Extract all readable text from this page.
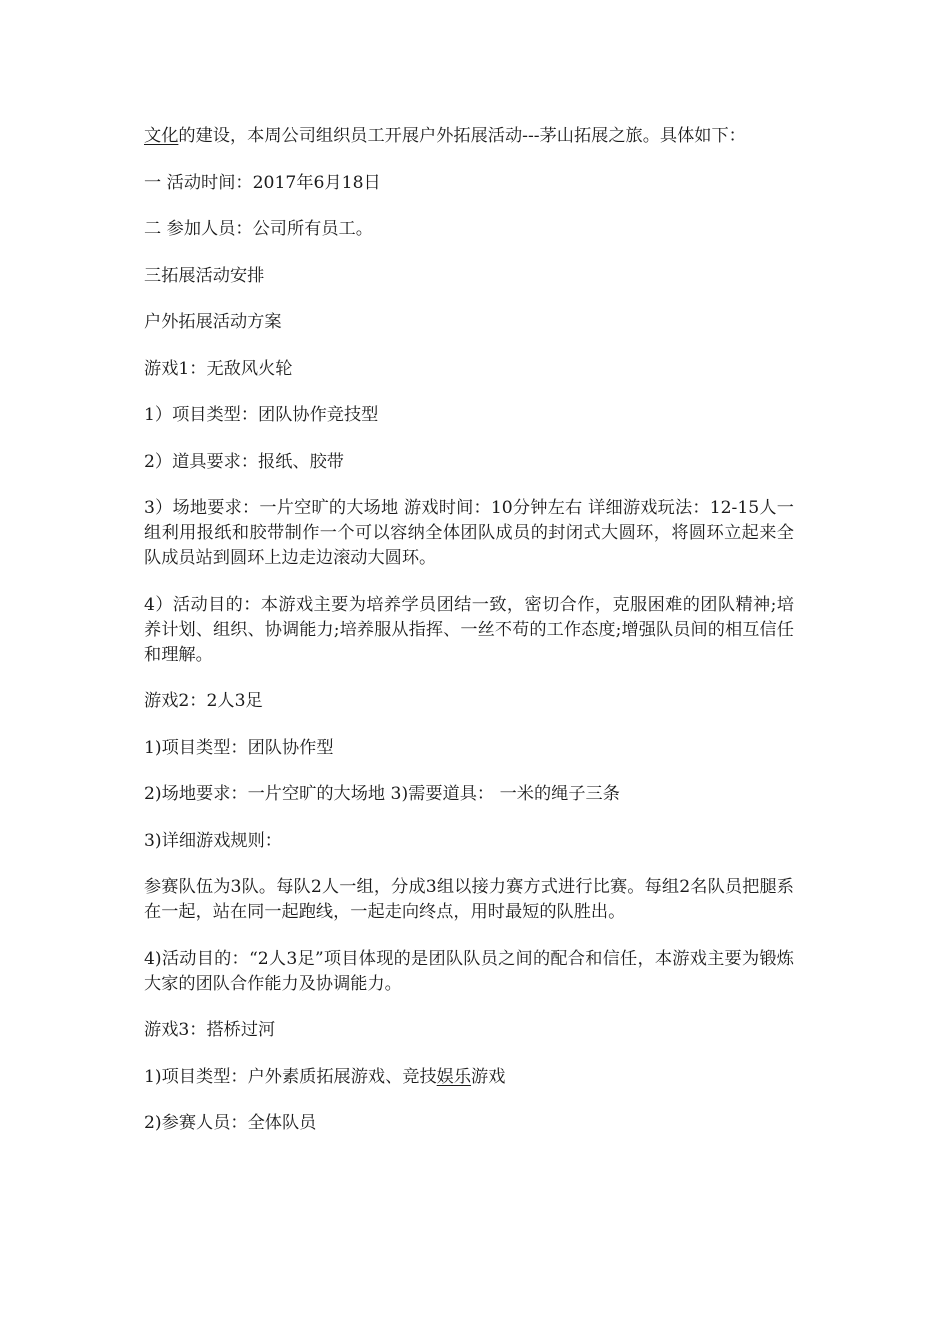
文化的建设，本周公司组织员工开展户外拓展活动---茅山拓展之旅。具体如下：

一 活动时间：2017年6月18日

二 参加人员：公司所有员工。

三拓展活动安排

户外拓展活动方案

游戏1：无敌风火轮

1）项目类型：团队协作竞技型

2）道具要求：报纸、胶带

3）场地要求：一片空旷的大场地 游戏时间：10分钟左右 详细游戏玩法：12-15人一组利用报纸和胶带制作一个可以容纳全体团队成员的封闭式大圆环，将圆环立起来全队成员站到圆环上边走边滚动大圆环。

4）活动目的：本游戏主要为培养学员团结一致，密切合作，克服困难的团队精神;培养计划、组织、协调能力;培养服从指挥、一丝不苟的工作态度;增强队员间的相互信任和理解。

游戏2：2人3足

1)项目类型：团队协作型

2)场地要求：一片空旷的大场地 3)需要道具： 一米的绳子三条

3)详细游戏规则：

参赛队伍为3队。每队2人一组，分成3组以接力赛方式进行比赛。每组2名队员把腿系在一起，站在同一起跑线，一起走向终点，用时最短的队胜出。

4)活动目的：“2人3足”项目体现的是团队队员之间的配合和信任，本游戏主要为锻炼大家的团队合作能力及协调能力。

游戏3：搭桥过河

1)项目类型：户外素质拓展游戏、竞技娱乐游戏

2)参赛人员：全体队员
